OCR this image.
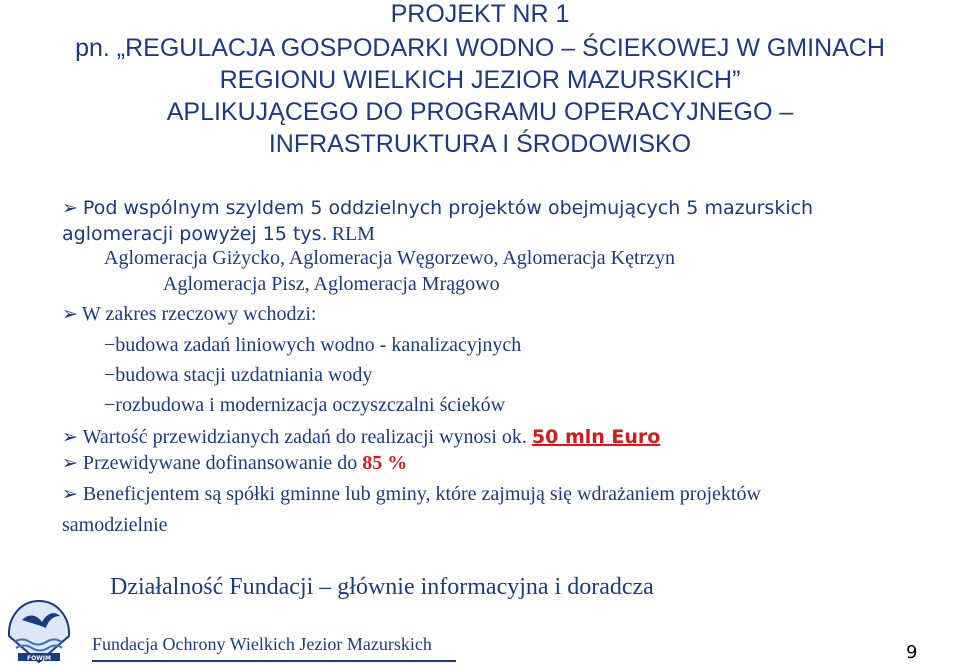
PROJEKT NR 1
pn. „REGULACJA GOSPODARKI WODNO – ŚCIEKOWEJ W GMINACH
REGIONU WIELKICH JEZIOR MAZURSKICH”
APLIKUJĄCEGO DO PROGRAMU OPERACYJNEGO –
INFRASTRUKTURA I ŚRODOWISKO
➢ Pod wspólnym szyldem 5 oddzielnych projektów obejmujących 5 mazurskich
aglomeracji powyżej 15 tys. RLM
Aglomeracja Giżycko, Aglomeracja Węgorzewo, Aglomeracja Kętrzyn
Aglomeracja Pisz, Aglomeracja Mrągowo
➢ W zakres rzeczowy wchodzi:
−budowa zadań liniowych wodno - kanalizacyjnych
−budowa stacji uzdatniania wody
−rozbudowa i modernizacja oczyszczalni ścieków
➢ Wartość przewidzianych zadań do realizacji wynosi ok. 50 mln Euro
➢ Przewidywane dofinansowanie do 85 %
➢ Beneficjentem są spółki gminne lub gminy, które zajmują się wdrażaniem projektów
samodzielnie
Działalność Fundacji – głównie informacyjna i doradcza
FOWJM
Fundacja Ochrony Wielkich Jezior Mazurskich	9
